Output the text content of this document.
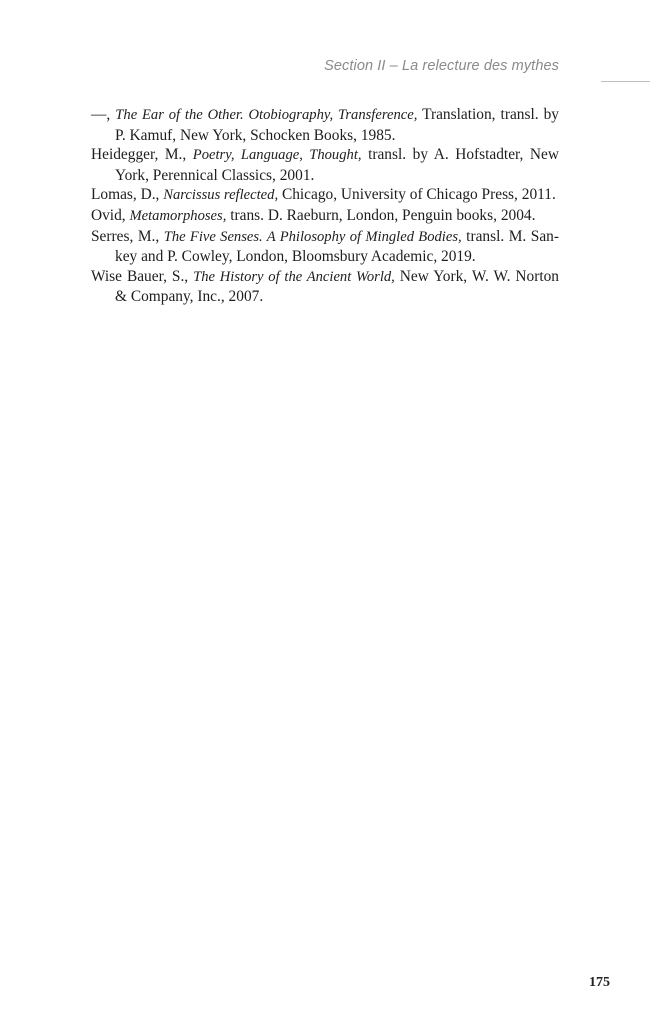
Section II – La relecture des mythes

—, The Ear of the Other. Otobiography, Transference, Translation, transl. by P. Kamuf, New York, Schocken Books, 1985.

Heidegger, M., Poetry, Language, Thought, transl. by A. Hofstadter, New York, Perennical Classics, 2001.

Lomas, D., Narcissus reflected, Chicago, University of Chicago Press, 2011.

Ovid, Metamorphoses, trans. D. Raeburn, London, Penguin books, 2004.

Serres, M., The Five Senses. A Philosophy of Mingled Bodies, transl. M. Sankey and P. Cowley, London, Bloomsbury Academic, 2019.

Wise Bauer, S., The History of the Ancient World, New York, W. W. Norton & Company, Inc., 2007.

175
